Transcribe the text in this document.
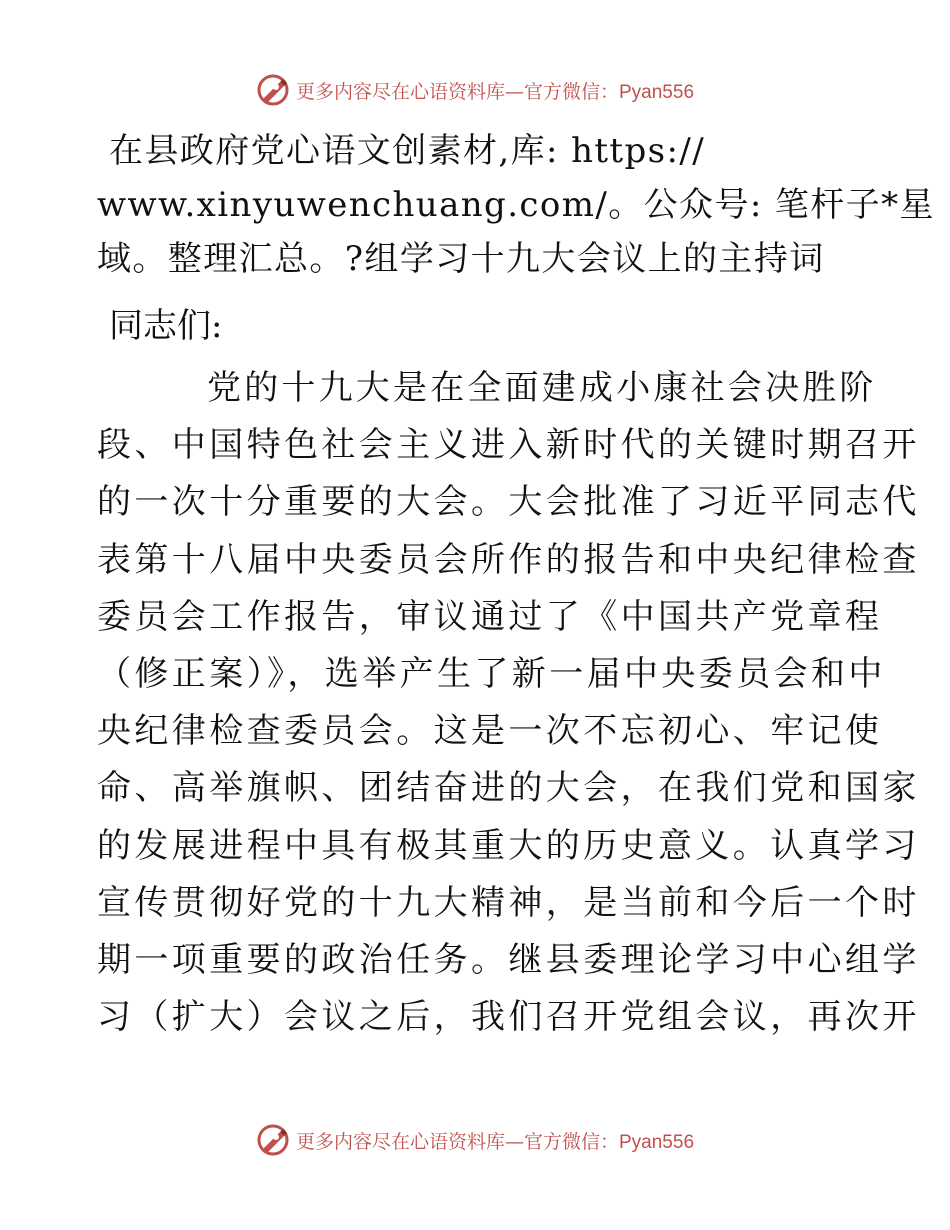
更多内容尽在心语资料库—官方微信：Pyan556
在县政府党心语文创素材,库: https://
www.xinyuwenchuang.com/。公众号: 笔杆子*星
域。整理汇总。?组学习十九大会议上的主持词
同志们:
党的十九大是在全面建成小康社会决胜阶
段、中国特色社会主义进入新时代的关键时期召开
的一次十分重要的大会。大会批准了习近平同志代
表第十八届中央委员会所作的报告和中央纪律检查
委员会工作报告，审议通过了《中国共产党章程
（修正案）》，选举产生了新一届中央委员会和中
央纪律检查委员会。这是一次不忘初心、牢记使
命、高举旗帜、团结奋进的大会，在我们党和国家
的发展进程中具有极其重大的历史意义。认真学习
宣传贯彻好党的十九大精神，是当前和今后一个时
期一项重要的政治任务。继县委理论学习中心组学
习（扩大）会议之后，我们召开党组会议，再次开
更多内容尽在心语资料库—官方微信：Pyan556
